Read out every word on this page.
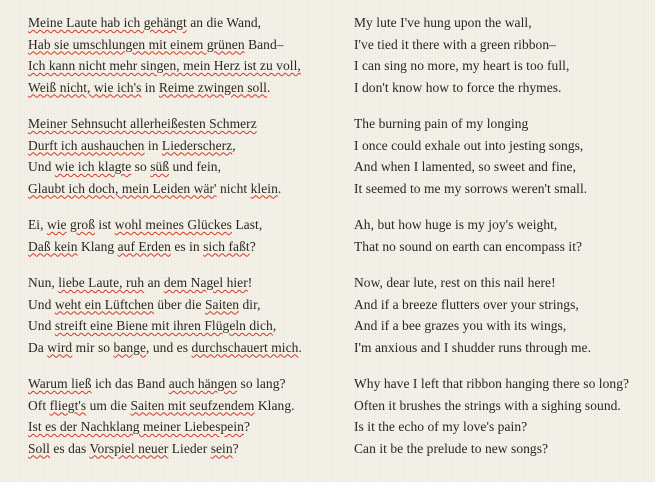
Meine Laute hab ich gehängt an die Wand,
Hab sie umschlungen mit einem grünen Band–
Ich kann nicht mehr singen, mein Herz ist zu voll,
Weiß nicht, wie ich's in Reime zwingen soll.
Meiner Sehnsucht allerheißesten Schmerz
Durft ich aushauchen in Liederscherz,
Und wie ich klagte so süß und fein,
Glaubt ich doch, mein Leiden wär' nicht klein.
Ei, wie groß ist wohl meines Glückes Last,
Daß kein Klang auf Erden es in sich faßt?
Nun, liebe Laute, ruh an dem Nagel hier!
Und weht ein Lüftchen über die Saiten dir,
Und streift eine Biene mit ihren Flügeln dich,
Da wird mir so bange, und es durchschauert mich.
Warum ließ ich das Band auch hängen so lang?
Oft fliegt's um die Saiten mit seufzendem Klang.
Ist es der Nachklang meiner Liebespein?
Soll es das Vorspiel neuer Lieder sein?
My lute I've hung upon the wall,
I've tied it there with a green ribbon–
I can sing no more, my heart is too full,
I don't know how to force the rhymes.
The burning pain of my longing
I once could exhale out into jesting songs,
And when I lamented, so sweet and fine,
It seemed to me my sorrows weren't small.
Ah, but how huge is my joy's weight,
That no sound on earth can encompass it?
Now, dear lute, rest on this nail here!
And if a breeze flutters over your strings,
And if a bee grazes you with its wings,
I'm anxious and I shudder runs through me.
Why have I left that ribbon hanging there so long?
Often it brushes the strings with a sighing sound.
Is it the echo of my love's pain?
Can it be the prelude to new songs?
